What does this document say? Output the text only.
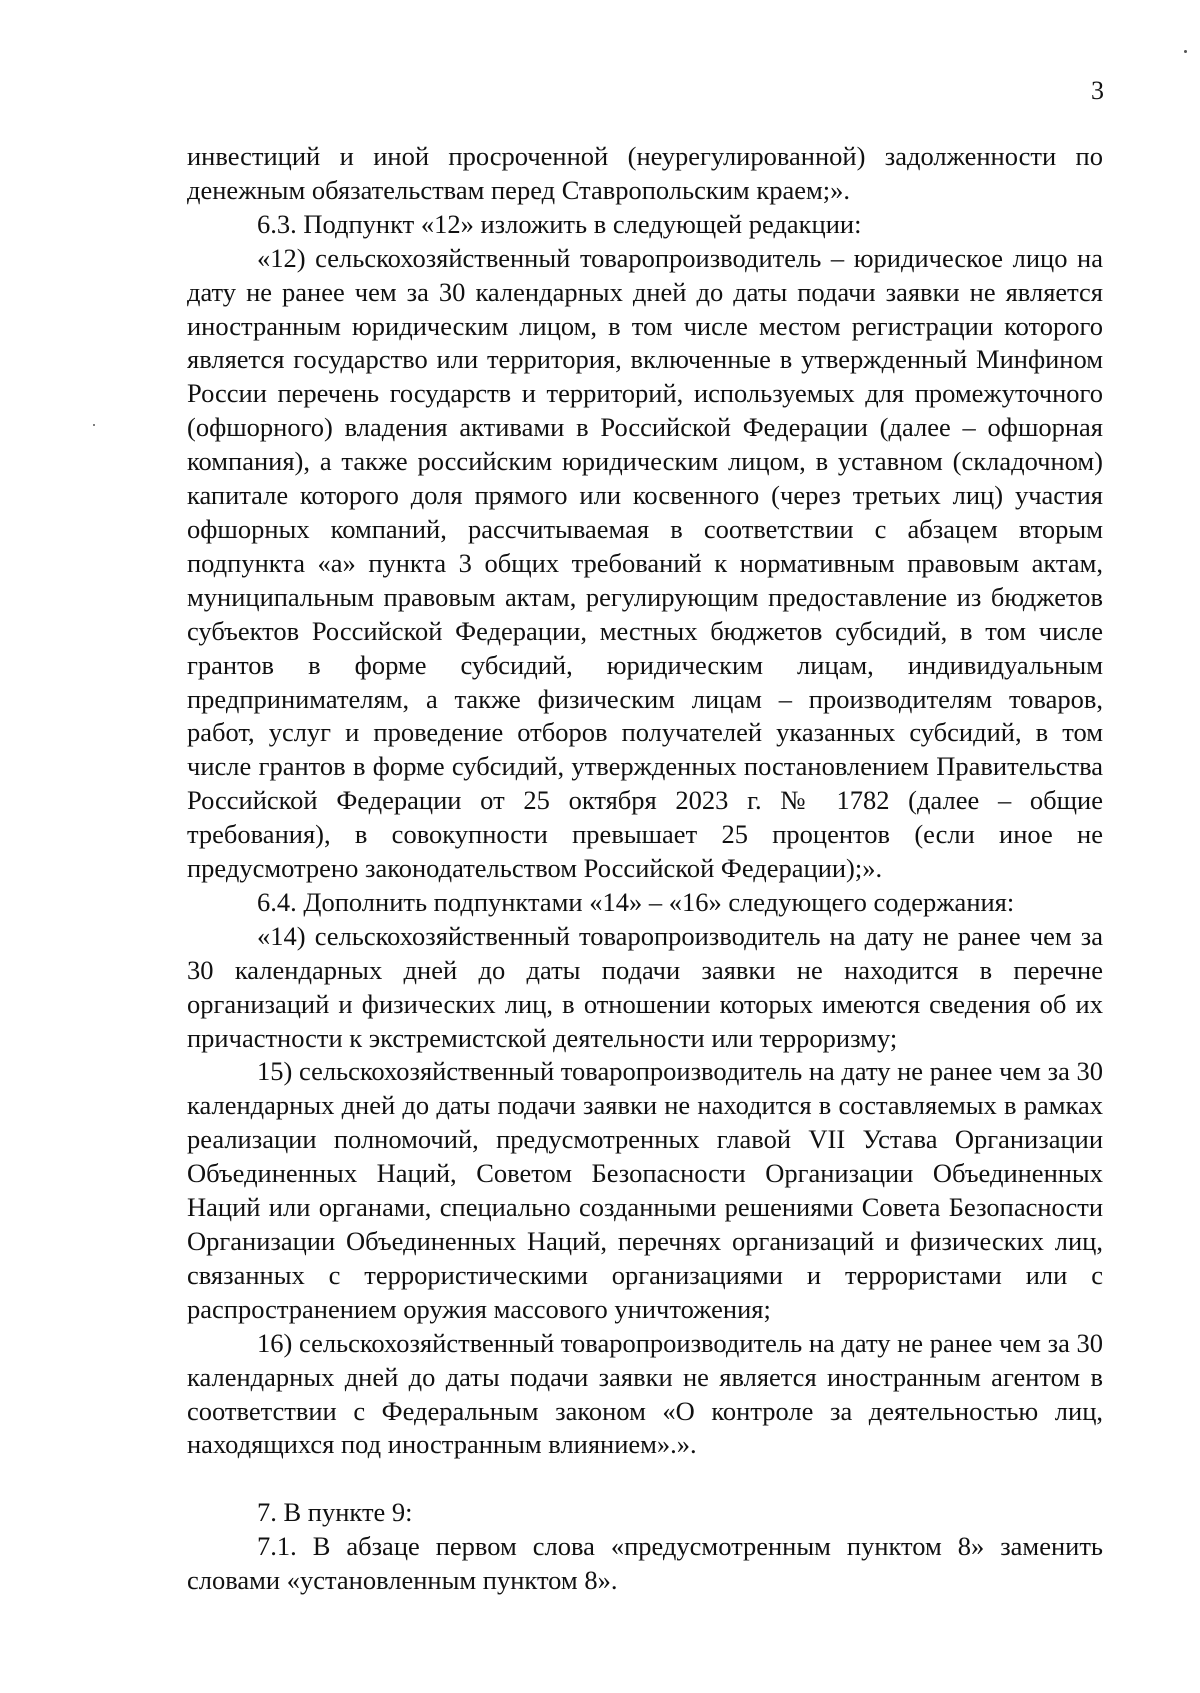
3

инвестиций и иной просроченной (неурегулированной) задолженности по денежным обязательствам перед Ставропольским краем;».

6.3. Подпункт «12» изложить в следующей редакции:

«12) сельскохозяйственный товаропроизводитель – юридическое лицо на дату не ранее чем за 30 календарных дней до даты подачи заявки не является иностранным юридическим лицом, в том числе местом регистрации которого является государство или территория, включенные в утвержденный Минфином России перечень государств и территорий, используемых для промежуточного (офшорного) владения активами в Российской Федерации (далее – офшорная компания), а также российским юридическим лицом, в уставном (складочном) капитале которого доля прямого или косвенного (через третьих лиц) участия офшорных компаний, рассчитываемая в соответствии с абзацем вторым подпункта «а» пункта 3 общих требований к нормативным правовым актам, муниципальным правовым актам, регулирующим предоставление из бюджетов субъектов Российской Федерации, местных бюджетов субсидий, в том числе грантов в форме субсидий, юридическим лицам, индивидуальным предпринимателям, а также физическим лицам – производителям товаров, работ, услуг и проведение отборов получателей указанных субсидий, в том числе грантов в форме субсидий, утвержденных постановлением Правительства Российской Федерации от 25 октября 2023 г. № 1782 (далее – общие требования), в совокупности превышает 25 процентов (если иное не предусмотрено законодательством Российской Федерации);».

6.4. Дополнить подпунктами «14» – «16» следующего содержания:

«14) сельскохозяйственный товаропроизводитель на дату не ранее чем за 30 календарных дней до даты подачи заявки не находится в перечне организаций и физических лиц, в отношении которых имеются сведения об их причастности к экстремистской деятельности или терроризму;

15) сельскохозяйственный товаропроизводитель на дату не ранее чем за 30 календарных дней до даты подачи заявки не находится в составляемых в рамках реализации полномочий, предусмотренных главой VII Устава Организации Объединенных Наций, Советом Безопасности Организации Объединенных Наций или органами, специально созданными решениями Совета Безопасности Организации Объединенных Наций, перечнях организаций и физических лиц, связанных с террористическими организациями и террористами или с распространением оружия массового уничтожения;

16) сельскохозяйственный товаропроизводитель на дату не ранее чем за 30 календарных дней до даты подачи заявки не является иностранным агентом в соответствии с Федеральным законом «О контроле за деятельностью лиц, находящихся под иностранным влиянием».».

7. В пункте 9:

7.1. В абзаце первом слова «предусмотренным пунктом 8» заменить словами «установленным пунктом 8».
